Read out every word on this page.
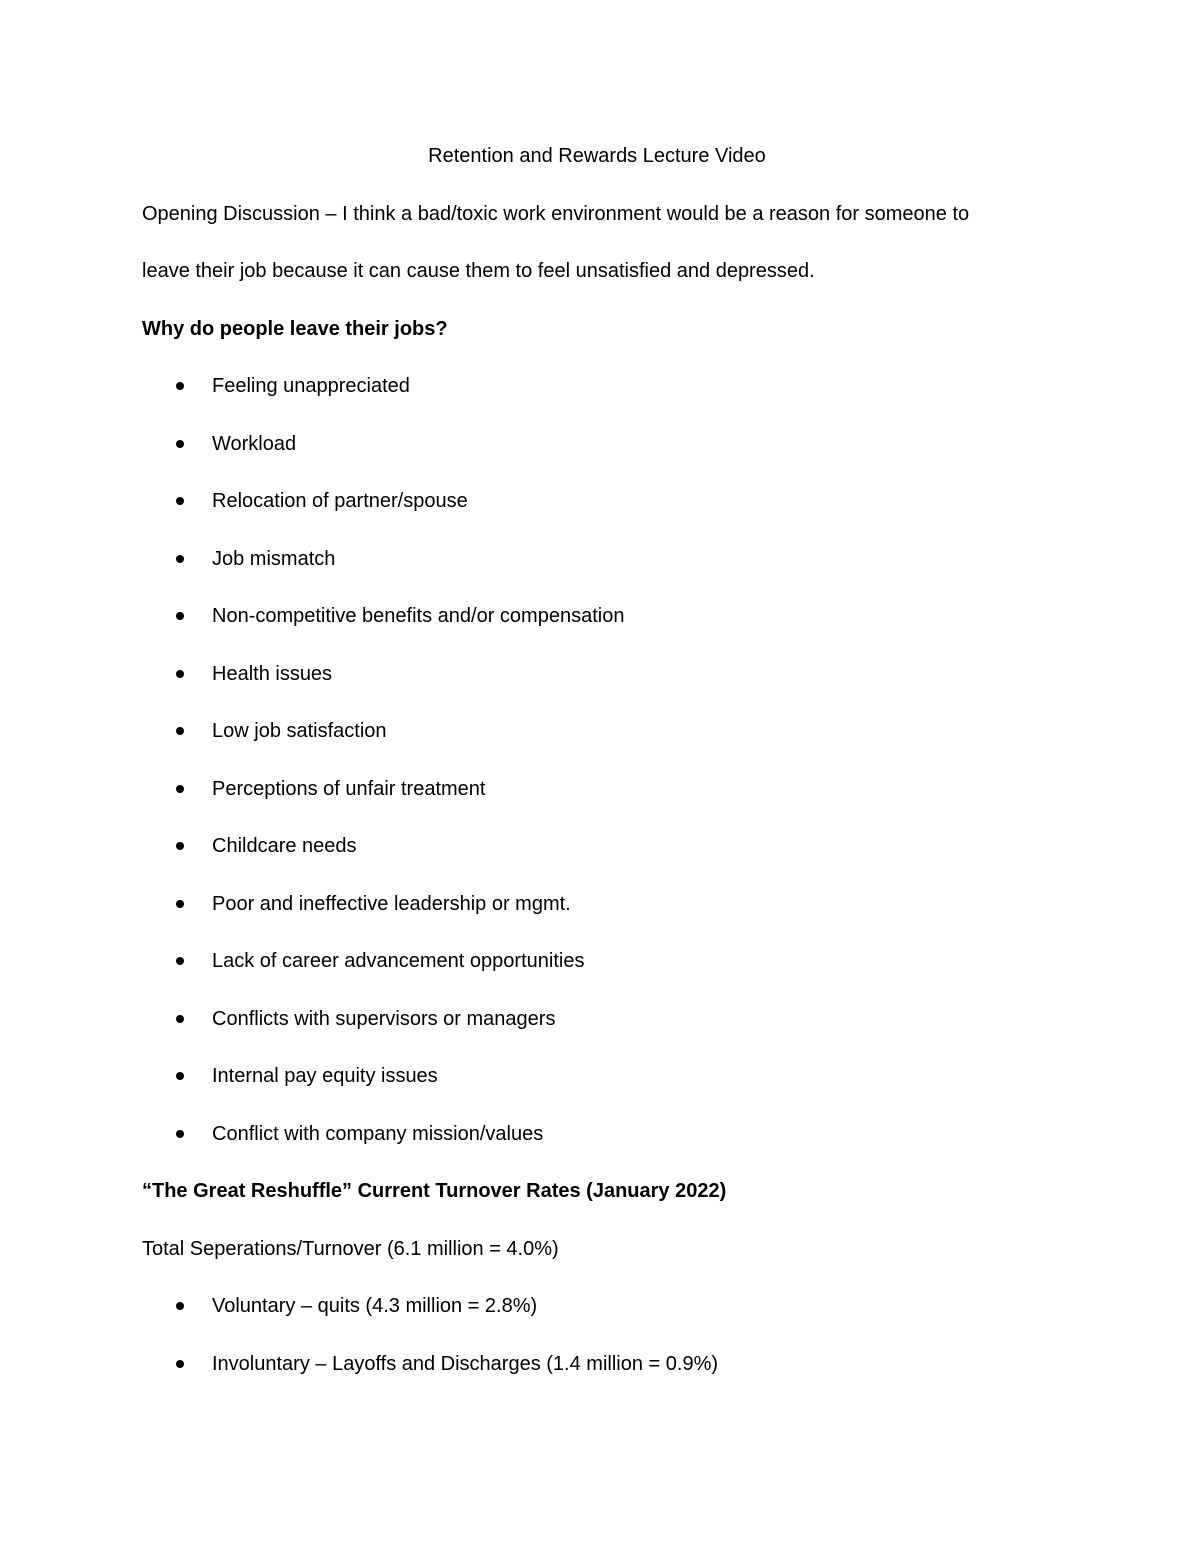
Retention and Rewards Lecture Video
Opening Discussion – I think a bad/toxic work environment would be a reason for someone to
leave their job because it can cause them to feel unsatisfied and depressed.
Why do people leave their jobs?
Feeling unappreciated
Workload
Relocation of partner/spouse
Job mismatch
Non-competitive benefits and/or compensation
Health issues
Low job satisfaction
Perceptions of unfair treatment
Childcare needs
Poor and ineffective leadership or mgmt.
Lack of career advancement opportunities
Conflicts with supervisors or managers
Internal pay equity issues
Conflict with company mission/values
“The Great Reshuffle” Current Turnover Rates (January 2022)
Total Seperations/Turnover (6.1 million = 4.0%)
Voluntary – quits (4.3 million = 2.8%)
Involuntary – Layoffs and Discharges (1.4 million = 0.9%)
